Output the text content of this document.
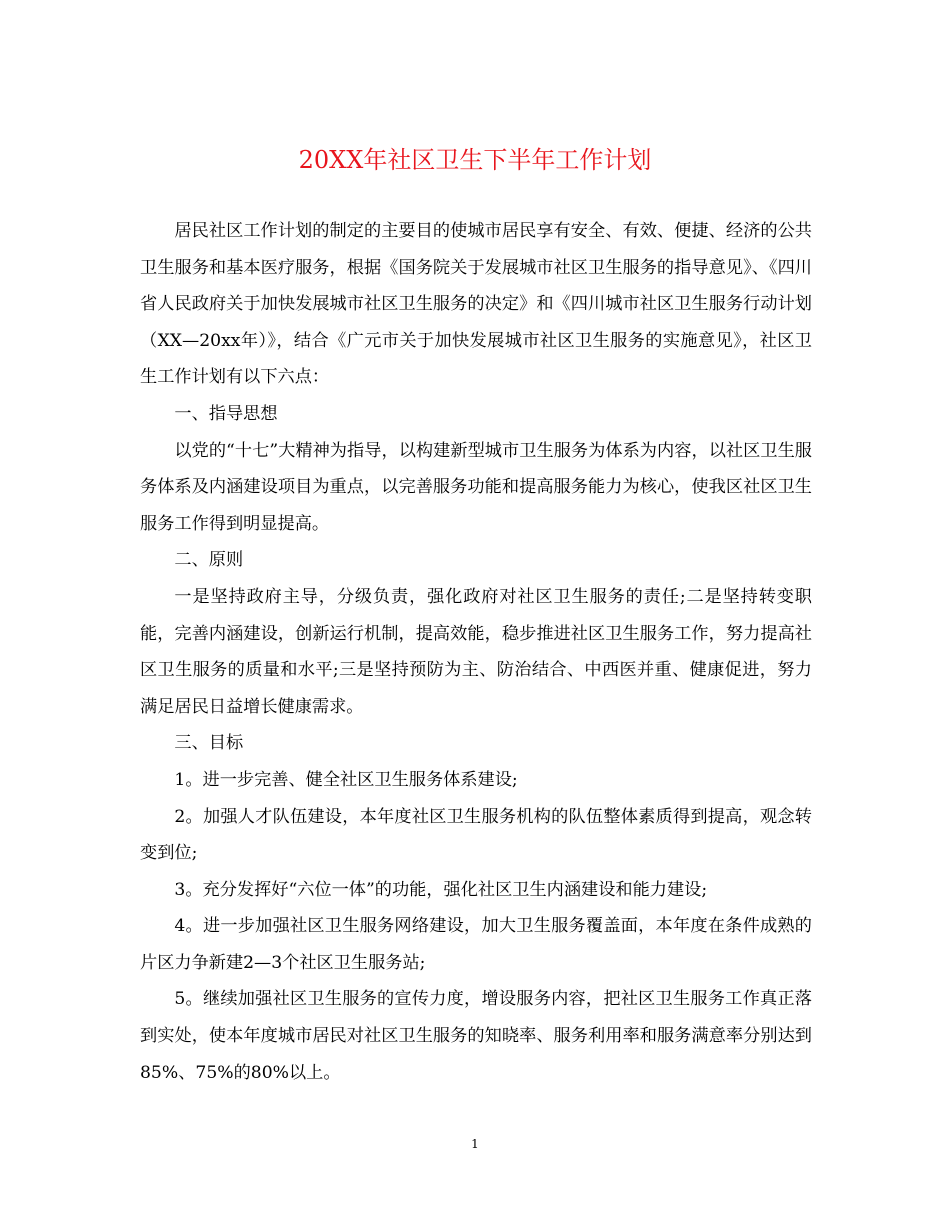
20XX年社区卫生下半年工作计划

居民社区工作计划的制定的主要目的使城市居民享有安全、有效、便捷、经济的公共卫生服务和基本医疗服务，根据《国务院关于发展城市社区卫生服务的指导意见》、《四川省人民政府关于加快发展城市社区卫生服务的决定》和《四川城市社区卫生服务行动计划（XX—20xx年）》，结合《广元市关于加快发展城市社区卫生服务的实施意见》，社区卫生工作计划有以下六点：

一、指导思想

以党的“十七”大精神为指导，以构建新型城市卫生服务为体系为内容，以社区卫生服务体系及内涵建设项目为重点，以完善服务功能和提高服务能力为核心，使我区社区卫生服务工作得到明显提高。

二、原则

一是坚持政府主导，分级负责，强化政府对社区卫生服务的责任;二是坚持转变职能，完善内涵建设，创新运行机制，提高效能，稳步推进社区卫生服务工作，努力提高社区卫生服务的质量和水平;三是坚持预防为主、防治结合、中西医并重、健康促进，努力满足居民日益增长健康需求。

三、目标

1。进一步完善、健全社区卫生服务体系建设;

2。加强人才队伍建设，本年度社区卫生服务机构的队伍整体素质得到提高，观念转变到位;

3。充分发挥好“六位一体”的功能，强化社区卫生内涵建设和能力建设;

4。进一步加强社区卫生服务网络建设，加大卫生服务覆盖面，本年度在条件成熟的片区力争新建2—3个社区卫生服务站;

5。继续加强社区卫生服务的宣传力度，增设服务内容，把社区卫生服务工作真正落到实处，使本年度城市居民对社区卫生服务的知晓率、服务利用率和服务满意率分别达到85%、75%的80%以上。

1
